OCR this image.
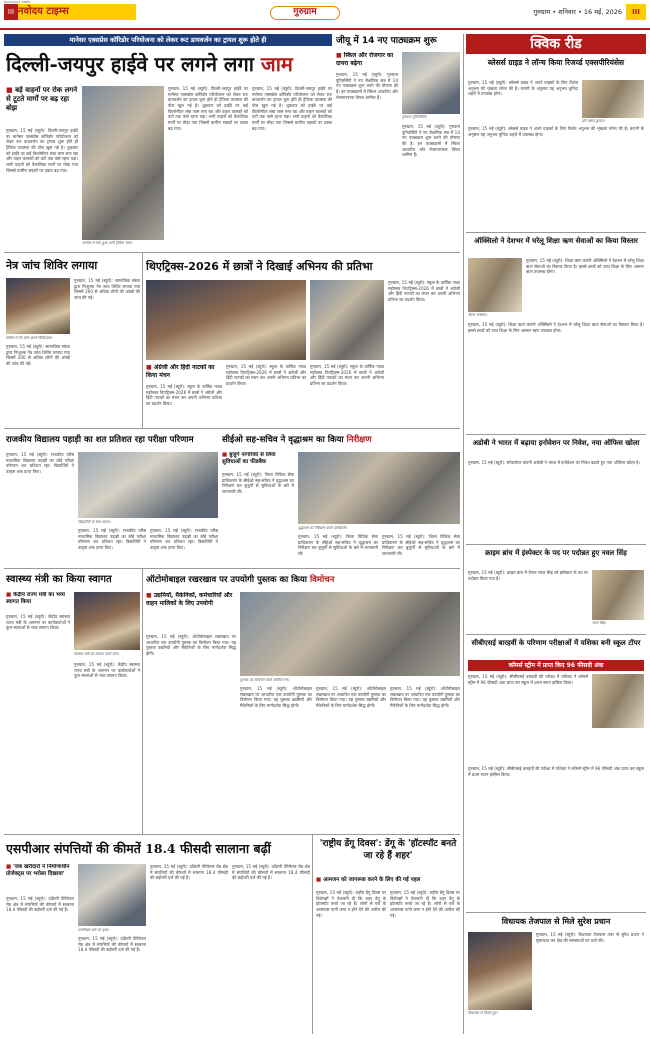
नवोदय टाइम्स
III
NAVODAYA TIMES
गुरुग्राम	गुरुग्राम • शनिवार • 16 मई, 2026	III
मानेसर एक्सप्रेस कॉरिडोर परियोजना को लेकर रूट डायवर्जन का ट्रायल शुरू होते ही
दिल्ली-जयपुर हाईवे पर लगने लगा जाम
■ बड़े वाहनों पर रोक लगने से टूटते मार्गों पर बढ़ रहा बोझ
गुरुग्राम, 15 मई (ब्यूरो): दिल्ली-जयपुर हाईवे पर मानेसर एक्सप्रेस कॉरिडोर परियोजना को लेकर रूट डायवर्जन का ट्रायल शुरू होते ही ट्रैफिक व्यवस्था की पोल खुल गई है। शुक्रवार को हाईवे पर कई किलोमीटर लंबा जाम लगा रहा और वाहन चालकों को घंटों तक फंसे रहना पड़ा। भारी वाहनों को वैकल्पिक मार्गों पर मोड़ा गया जिससे ग्रामीण सड़कों पर दबाव बढ़ गया।
मानेसर में लगा हुआ भारी ट्रैफिक जाम।
गुरुग्राम, 15 मई (ब्यूरो): दिल्ली-जयपुर हाईवे पर मानेसर एक्सप्रेस कॉरिडोर परियोजना को लेकर रूट डायवर्जन का ट्रायल शुरू होते ही ट्रैफिक व्यवस्था की पोल खुल गई है। शुक्रवार को हाईवे पर कई किलोमीटर लंबा जाम लगा रहा और वाहन चालकों को घंटों तक फंसे रहना पड़ा। भारी वाहनों को वैकल्पिक मार्गों पर मोड़ा गया जिससे ग्रामीण सड़कों पर दबाव बढ़ गया।
गुरुग्राम, 15 मई (ब्यूरो): दिल्ली-जयपुर हाईवे पर मानेसर एक्सप्रेस कॉरिडोर परियोजना को लेकर रूट डायवर्जन का ट्रायल शुरू होते ही ट्रैफिक व्यवस्था की पोल खुल गई है। शुक्रवार को हाईवे पर कई किलोमीटर लंबा जाम लगा रहा और वाहन चालकों को घंटों तक फंसे रहना पड़ा। भारी वाहनों को वैकल्पिक मार्गों पर मोड़ा गया जिससे ग्रामीण सड़कों पर दबाव बढ़ गया।
जीयू में 14 नए पाठ्यक्रम शुरू
■ स्किल और रोजगार का दायरा बढ़ेगा
गुरुग्राम, 15 मई (ब्यूरो): गुरुग्राम यूनिवर्सिटी ने नए शैक्षणिक सत्र में 14 नए पाठ्यक्रम शुरू करने की घोषणा की है। इन पाठ्यक्रमों में स्किल आधारित और रोजगारपरक विषय शामिल हैं।
गुरुग्राम यूनिवर्सिटी।
गुरुग्राम, 15 मई (ब्यूरो): गुरुग्राम यूनिवर्सिटी ने नए शैक्षणिक सत्र में 14 नए पाठ्यक्रम शुरू करने की घोषणा की है। इन पाठ्यक्रमों में स्किल आधारित और रोजगारपरक विषय शामिल हैं।
क्विक रीड
ब्लेसर्स ग्राइड ने लॉन्च किया रिजर्व्ड एक्सपीरियंसेस
गुरुग्राम, 15 मई (ब्यूरो): ब्लेसर्स ग्राइड ने अपने ग्राहकों के लिए विशेष अनुभव की शृंखला लॉन्च की है। कंपनी के अनुसार यह अनुभव चुनिंदा शहरों में उपलब्ध होगा।
हरि प्रसाद कुमार।
गुरुग्राम, 15 मई (ब्यूरो): ब्लेसर्स ग्राइड ने अपने ग्राहकों के लिए विशेष अनुभव की शृंखला लॉन्च की है। कंपनी के अनुसार यह अनुभव चुनिंदा शहरों में उपलब्ध होगा।
ऑक्सिलो ने देशभर में घरेलू शिक्षा ऋण सेवाओं का किया विस्तार
नीरज सक्सेना।
गुरुग्राम, 15 मई (ब्यूरो): शिक्षा ऋण कंपनी ऑक्सिलो ने देशभर में घरेलू शिक्षा ऋण सेवाओं का विस्तार किया है। इससे छात्रों को उच्च शिक्षा के लिए आसान ऋण उपलब्ध होगा।
गुरुग्राम, 15 मई (ब्यूरो): शिक्षा ऋण कंपनी ऑक्सिलो ने देशभर में घरेलू शिक्षा ऋण सेवाओं का विस्तार किया है। इससे छात्रों को उच्च शिक्षा के लिए आसान ऋण उपलब्ध होगा।
अडोबी ने भारत में बढ़ाया इनोवेशन पर निवेश, नया ऑफिस खोला
गुरुग्राम, 15 मई (ब्यूरो): सॉफ्टवेयर कंपनी अडोबी ने भारत में इनोवेशन पर निवेश बढ़ाते हुए नया ऑफिस खोला है।
क्राइम ब्रांच में इंस्पेक्टर के पद पर पदोन्नत हुए नवल सिंह
गुरुग्राम, 15 मई (ब्यूरो): क्राइम ब्रांच में तैनात नवल सिंह को इंस्पेक्टर के पद पर पदोन्नत किया गया है।
नवल सिंह।
सीबीएसई बारहवीं के परिणाम परीक्षाओं में यशिका बनी स्कूल टॉपर
कॉमर्स स्ट्रीम में प्राप्त किए 96 फीसदी अंक
गुरुग्राम, 15 मई (ब्यूरो): सीबीएसई बारहवीं की परीक्षा में यशिका ने कॉमर्स स्ट्रीम में 96 फीसदी अंक प्राप्त कर स्कूल में प्रथम स्थान हासिल किया।
गुरुग्राम, 15 मई (ब्यूरो): सीबीएसई बारहवीं की परीक्षा में यशिका ने कॉमर्स स्ट्रीम में 96 फीसदी अंक प्राप्त कर स्कूल में प्रथम स्थान हासिल किया।
विधायक तेजपाल से मिले सुरेश प्रधान
विधायक से मिलते हुए।
गुरुग्राम, 15 मई (ब्यूरो): विधायक तेजपाल तंवर से सुरेश प्रधान ने मुलाकात कर क्षेत्र की समस्याओं पर चर्चा की।
नेत्र जांच शिविर लगाया
शिविर में नेत्र जांच करते चिकित्सक।
गुरुग्राम, 15 मई (ब्यूरो): सामाजिक संस्था द्वारा निःशुल्क नेत्र जांच शिविर लगाया गया जिसमें 200 से अधिक लोगों की आंखों की जांच की गई।
गुरुग्राम, 15 मई (ब्यूरो): सामाजिक संस्था द्वारा निःशुल्क नेत्र जांच शिविर लगाया गया जिसमें 200 से अधिक लोगों की आंखों की जांच की गई।
थिएट्रिक्स-2026 में छात्रों ने दिखाई अभिनय की प्रतिभा
गुरुग्राम, 15 मई (ब्यूरो): स्कूल के वार्षिक नाट्य महोत्सव थिएट्रिक्स-2026 में छात्रों ने अंग्रेजी और हिंदी नाटकों का मंचन कर अपनी अभिनय प्रतिभा का प्रदर्शन किया।
■ अंग्रेजी और हिंदी नाटकों का किया मंचन
गुरुग्राम, 15 मई (ब्यूरो): स्कूल के वार्षिक नाट्य महोत्सव थिएट्रिक्स-2026 में छात्रों ने अंग्रेजी और हिंदी नाटकों का मंचन कर अपनी अभिनय प्रतिभा का प्रदर्शन किया।
गुरुग्राम, 15 मई (ब्यूरो): स्कूल के वार्षिक नाट्य महोत्सव थिएट्रिक्स-2026 में छात्रों ने अंग्रेजी और हिंदी नाटकों का मंचन कर अपनी अभिनय प्रतिभा का प्रदर्शन किया।
गुरुग्राम, 15 मई (ब्यूरो): स्कूल के वार्षिक नाट्य महोत्सव थिएट्रिक्स-2026 में छात्रों ने अंग्रेजी और हिंदी नाटकों का मंचन कर अपनी अभिनय प्रतिभा का प्रदर्शन किया।
राजकीय विद्यालय पहाड़ी का शत प्रतिशत रहा परीक्षा परिणाम
गुरुग्राम, 15 मई (ब्यूरो): राजकीय वरिष्ठ माध्यमिक विद्यालय पहाड़ी का बोर्ड परीक्षा परिणाम शत प्रतिशत रहा। विद्यार्थियों ने उत्कृष्ट अंक प्राप्त किए।
विद्यार्थियों के साथ स्टाफ।
गुरुग्राम, 15 मई (ब्यूरो): राजकीय वरिष्ठ माध्यमिक विद्यालय पहाड़ी का बोर्ड परीक्षा परिणाम शत प्रतिशत रहा। विद्यार्थियों ने उत्कृष्ट अंक प्राप्त किए।
गुरुग्राम, 15 मई (ब्यूरो): राजकीय वरिष्ठ माध्यमिक विद्यालय पहाड़ी का बोर्ड परीक्षा परिणाम शत प्रतिशत रहा। विद्यार्थियों ने उत्कृष्ट अंक प्राप्त किए।
सीईओ सह-सचिव ने वृद्धाश्रम का किया निरीक्षण
■ बुजुर्ग नागरिकों से लिया सुविधाओं का फीडबैक
गुरुग्राम, 15 मई (ब्यूरो): जिला विधिक सेवा प्राधिकरण के सीईओ सह-सचिव ने वृद्धाश्रम का निरीक्षण कर बुजुर्गों से सुविधाओं के बारे में जानकारी ली।
वृद्धाश्रम का निरीक्षण करते अधिकारी।
गुरुग्राम, 15 मई (ब्यूरो): जिला विधिक सेवा प्राधिकरण के सीईओ सह-सचिव ने वृद्धाश्रम का निरीक्षण कर बुजुर्गों से सुविधाओं के बारे में जानकारी ली।
गुरुग्राम, 15 मई (ब्यूरो): जिला विधिक सेवा प्राधिकरण के सीईओ सह-सचिव ने वृद्धाश्रम का निरीक्षण कर बुजुर्गों से सुविधाओं के बारे में जानकारी ली।
स्वास्थ्य मंत्री का किया स्वागत
■ केंद्रीय राज्य मंत्री का भव्य स्वागत किया
गुरुग्राम, 15 मई (ब्यूरो): केंद्रीय स्वास्थ्य राज्य मंत्री के आगमन पर कार्यकर्ताओं ने फूल-मालाओं से भव्य स्वागत किया।
स्वास्थ्य मंत्री का स्वागत करते लोग।
गुरुग्राम, 15 मई (ब्यूरो): केंद्रीय स्वास्थ्य राज्य मंत्री के आगमन पर कार्यकर्ताओं ने फूल-मालाओं से भव्य स्वागत किया।
ऑटोमोबाइल रखरखाव पर उपयोगी पुस्तक का किया विमोचन
■ उद्यमियों, मैकेनिकों, कर्मचारियों और वाहन मालिकों के लिए उपयोगी
गुरुग्राम, 15 मई (ब्यूरो): ऑटोमोबाइल रखरखाव पर आधारित एक उपयोगी पुस्तक का विमोचन किया गया। यह पुस्तक उद्यमियों और मैकेनिकों के लिए मार्गदर्शक सिद्ध होगी।
पुस्तक का विमोचन करते अतिथि गण।
गुरुग्राम, 15 मई (ब्यूरो): ऑटोमोबाइल रखरखाव पर आधारित एक उपयोगी पुस्तक का विमोचन किया गया। यह पुस्तक उद्यमियों और मैकेनिकों के लिए मार्गदर्शक सिद्ध होगी।
गुरुग्राम, 15 मई (ब्यूरो): ऑटोमोबाइल रखरखाव पर आधारित एक उपयोगी पुस्तक का विमोचन किया गया। यह पुस्तक उद्यमियों और मैकेनिकों के लिए मार्गदर्शक सिद्ध होगी।
गुरुग्राम, 15 मई (ब्यूरो): ऑटोमोबाइल रखरखाव पर आधारित एक उपयोगी पुस्तक का विमोचन किया गया। यह पुस्तक उद्यमियों और मैकेनिकों के लिए मार्गदर्शक सिद्ध होगी।
एसपीआर संपत्तियों की कीमतें 18.4 फीसदी सालाना बढ़ीं
■ 'जब खरीदारों ने निर्माणाधीन प्रोजेक्ट्स पर भरोसा दिखाया'
गुरुग्राम, 15 मई (ब्यूरो): दक्षिणी पेरिफेरल रोड क्षेत्र में संपत्तियों की कीमतों में सालाना 18.4 फीसदी की बढ़ोतरी दर्ज की गई है।
एसपीआर क्षेत्र का दृश्य।
गुरुग्राम, 15 मई (ब्यूरो): दक्षिणी पेरिफेरल रोड क्षेत्र में संपत्तियों की कीमतों में सालाना 18.4 फीसदी की बढ़ोतरी दर्ज की गई है।
गुरुग्राम, 15 मई (ब्यूरो): दक्षिणी पेरिफेरल रोड क्षेत्र में संपत्तियों की कीमतों में सालाना 18.4 फीसदी की बढ़ोतरी दर्ज की गई है।
गुरुग्राम, 15 मई (ब्यूरो): दक्षिणी पेरिफेरल रोड क्षेत्र में संपत्तियों की कीमतों में सालाना 18.4 फीसदी की बढ़ोतरी दर्ज की गई है।
'राष्ट्रीय डेंगू दिवस': डेंगू के 'हॉटस्पॉट बनते जा रहे हैं शहर'
■ आमजन को जागरूक करने के लिए की गई पहल
गुरुग्राम, 15 मई (ब्यूरो): राष्ट्रीय डेंगू दिवस पर विशेषज्ञों ने चेतावनी दी कि शहर डेंगू के हॉटस्पॉट बनते जा रहे हैं। लोगों से घरों के आसपास पानी जमा न होने देने की अपील की गई।
गुरुग्राम, 15 मई (ब्यूरो): राष्ट्रीय डेंगू दिवस पर विशेषज्ञों ने चेतावनी दी कि शहर डेंगू के हॉटस्पॉट बनते जा रहे हैं। लोगों से घरों के आसपास पानी जमा न होने देने की अपील की गई।
